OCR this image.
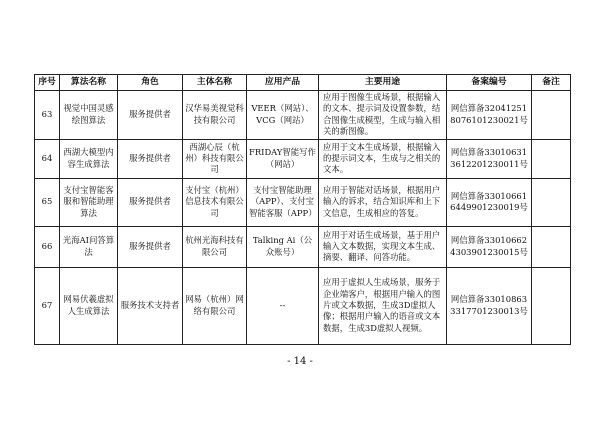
序号	算法名称	角色	主体名称	应用产品	主要用途	备案编号	备注
63	视觉中国灵感绘图算法	服务提供者	汉华易美视觉科技有限公司	VEER（网站）、VCG（网站）	应用于图像生成场景，根据输入的文本、提示词及设置参数，结合图像生成模型，生成与输入相关的新图像。	网信算备320412518076101230021号	
64	西湖大模型内容生成算法	服务提供者	西湖心辰（杭州）科技有限公司	FRIDAY智能写作（网站）	应用于文本生成场景，根据输入的提示词文本，生成与之相关的文本。	网信算备330106313612201230011号	
65	支付宝智能客服和智能助理算法	服务提供者	支付宝（杭州）信息技术有限公司	支付宝智能助理（APP）、支付宝智能客服（APP）	应用于智能对话场景，根据用户输入的诉求，结合知识库和上下文信息，生成相应的答复。	网信算备330106616449901230019号	
66	光海AI问答算法	服务提供者	杭州光海科技有限公司	Talking Ai（公众账号）	应用于对话生成场景，基于用户输入文本数据，实现文本生成、摘要、翻译、问答功能。	网信算备330106624303901230015号	
67	网易伏羲虚拟人生成算法	服务技术支持者	网易（杭州）网络有限公司	--	应用于虚拟人生成场景，服务于企业端客户，根据用户输入的图片或文本数据，生成3D虚拟人像；根据用户输入的语音或文本数据，生成3D虚拟人视频。	网信算备330108633317701230013号	
- 14 -
